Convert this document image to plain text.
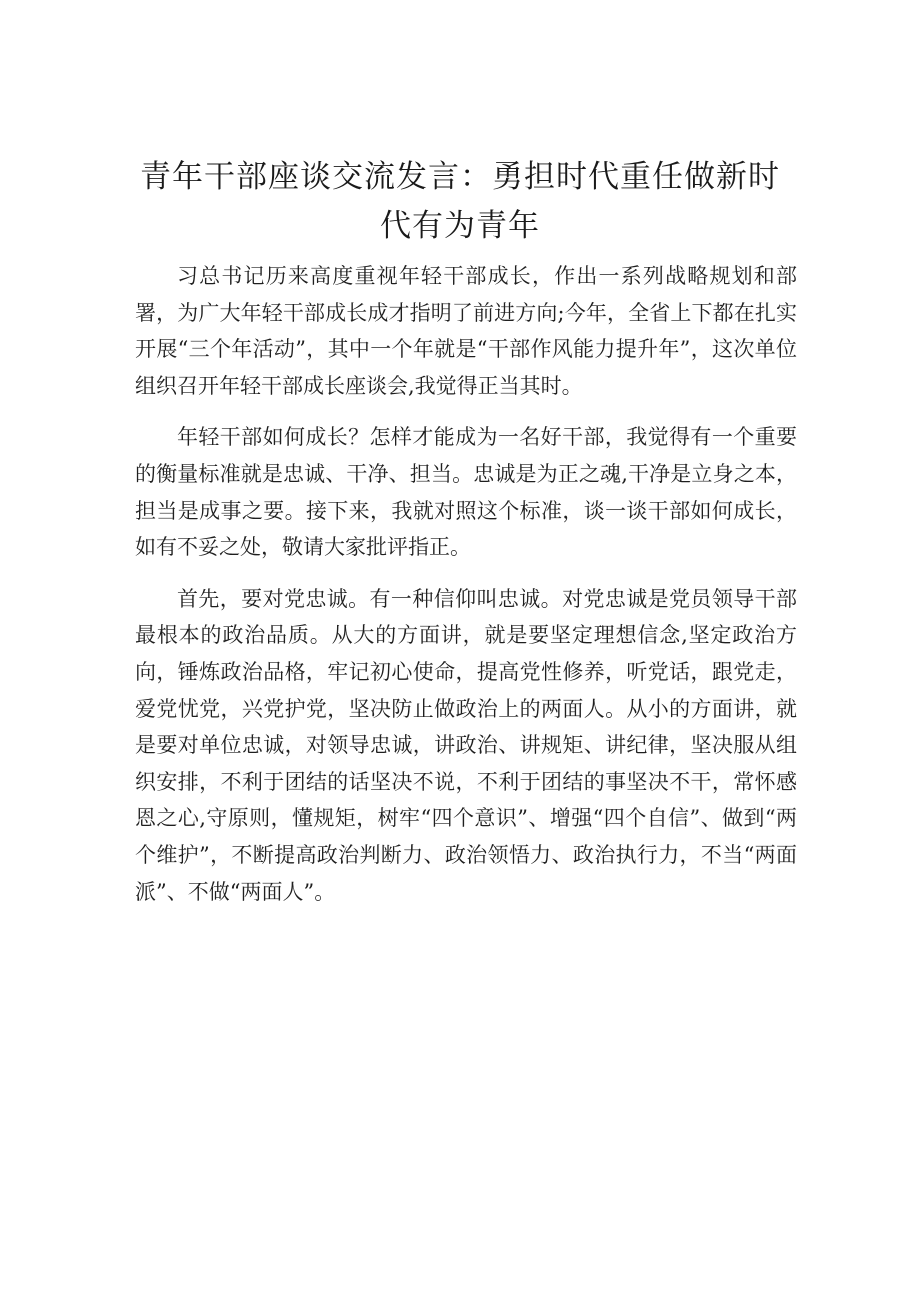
青年干部座谈交流发言：勇担时代重任做新时
代有为青年

习总书记历来高度重视年轻干部成长，作出一系列战略规划和部署，为广大年轻干部成长成才指明了前进方向;今年，全省上下都在扎实开展“三个年活动”，其中一个年就是“干部作风能力提升年”，这次单位组织召开年轻干部成长座谈会,我觉得正当其时。

年轻干部如何成长？怎样才能成为一名好干部，我觉得有一个重要的衡量标准就是忠诚、干净、担当。忠诚是为正之魂,干净是立身之本，担当是成事之要。接下来，我就对照这个标准，谈一谈干部如何成长，如有不妥之处，敬请大家批评指正。

首先，要对党忠诚。有一种信仰叫忠诚。对党忠诚是党员领导干部最根本的政治品质。从大的方面讲，就是要坚定理想信念,坚定政治方向，锤炼政治品格，牢记初心使命，提高党性修养，听党话，跟党走，爱党忧党，兴党护党，坚决防止做政治上的两面人。从小的方面讲，就是要对单位忠诚，对领导忠诚，讲政治、讲规矩、讲纪律，坚决服从组织安排，不利于团结的话坚决不说，不利于团结的事坚决不干，常怀感恩之心,守原则，懂规矩，树牢“四个意识”、增强“四个自信”、做到“两个维护”，不断提高政治判断力、政治领悟力、政治执行力，不当“两面派”、不做“两面人”。
